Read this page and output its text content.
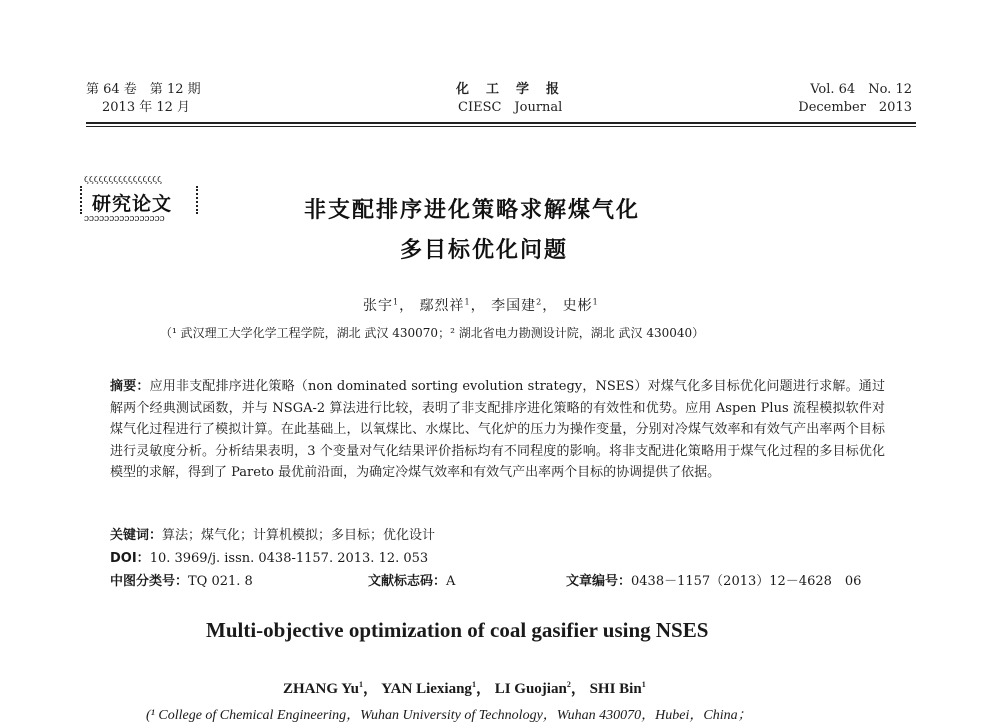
第 64 卷　第 12 期
2013 年 12 月
化　工　学　报
CIESC　Journal
Vol. 64　No. 12
December　2013
ζζζζζζζζζζζζζζζζ
研究论文
ɔɔɔɔɔɔɔɔɔɔɔɔɔɔɔɔ	非支配排序进化策略求解煤气化
多目标优化问题
张宇$^1$， 鄢烈祥$^1$， 李国建$^2$， 史彬$^1$
（¹ 武汉理工大学化学工程学院，湖北 武汉 430070；² 湖北省电力勘测设计院，湖北 武汉 430040）
摘要：应用非支配排序进化策略（non dominated sorting evolution strategy，NSES）对煤气化多目标优化问题进行求解。通过解两个经典测试函数，并与 NSGA-2 算法进行比较，表明了非支配排序进化策略的有效性和优势。应用 Aspen Plus 流程模拟软件对煤气化过程进行了模拟计算。在此基础上，以氧煤比、水煤比、气化炉的压力为操作变量，分别对冷煤气效率和有效气产出率两个目标进行灵敏度分析。分析结果表明，3 个变量对气化结果评价指标均有不同程度的影响。将非支配进化策略用于煤气化过程的多目标优化模型的求解，得到了 Pareto 最优前沿面，为确定冷煤气效率和有效气产出率两个目标的协调提供了依据。
关键词：算法；煤气化；计算机模拟；多目标；优化设计
DOI：10. 3969/j. issn. 0438-1157. 2013. 12. 053
中图分类号：TQ 021. 8	文献标志码：A	文章编号：0438－1157（2013）12－4628　06
Multi-objective optimization of coal gasifier using NSES
ZHANG Yu$^1$， YAN Liexiang$^1$， LI Guojian$^2$， SHI Bin$^1$
(¹ College of Chemical Engineering，Wuhan University of Technology，Wuhan 430070，Hubei，China；
